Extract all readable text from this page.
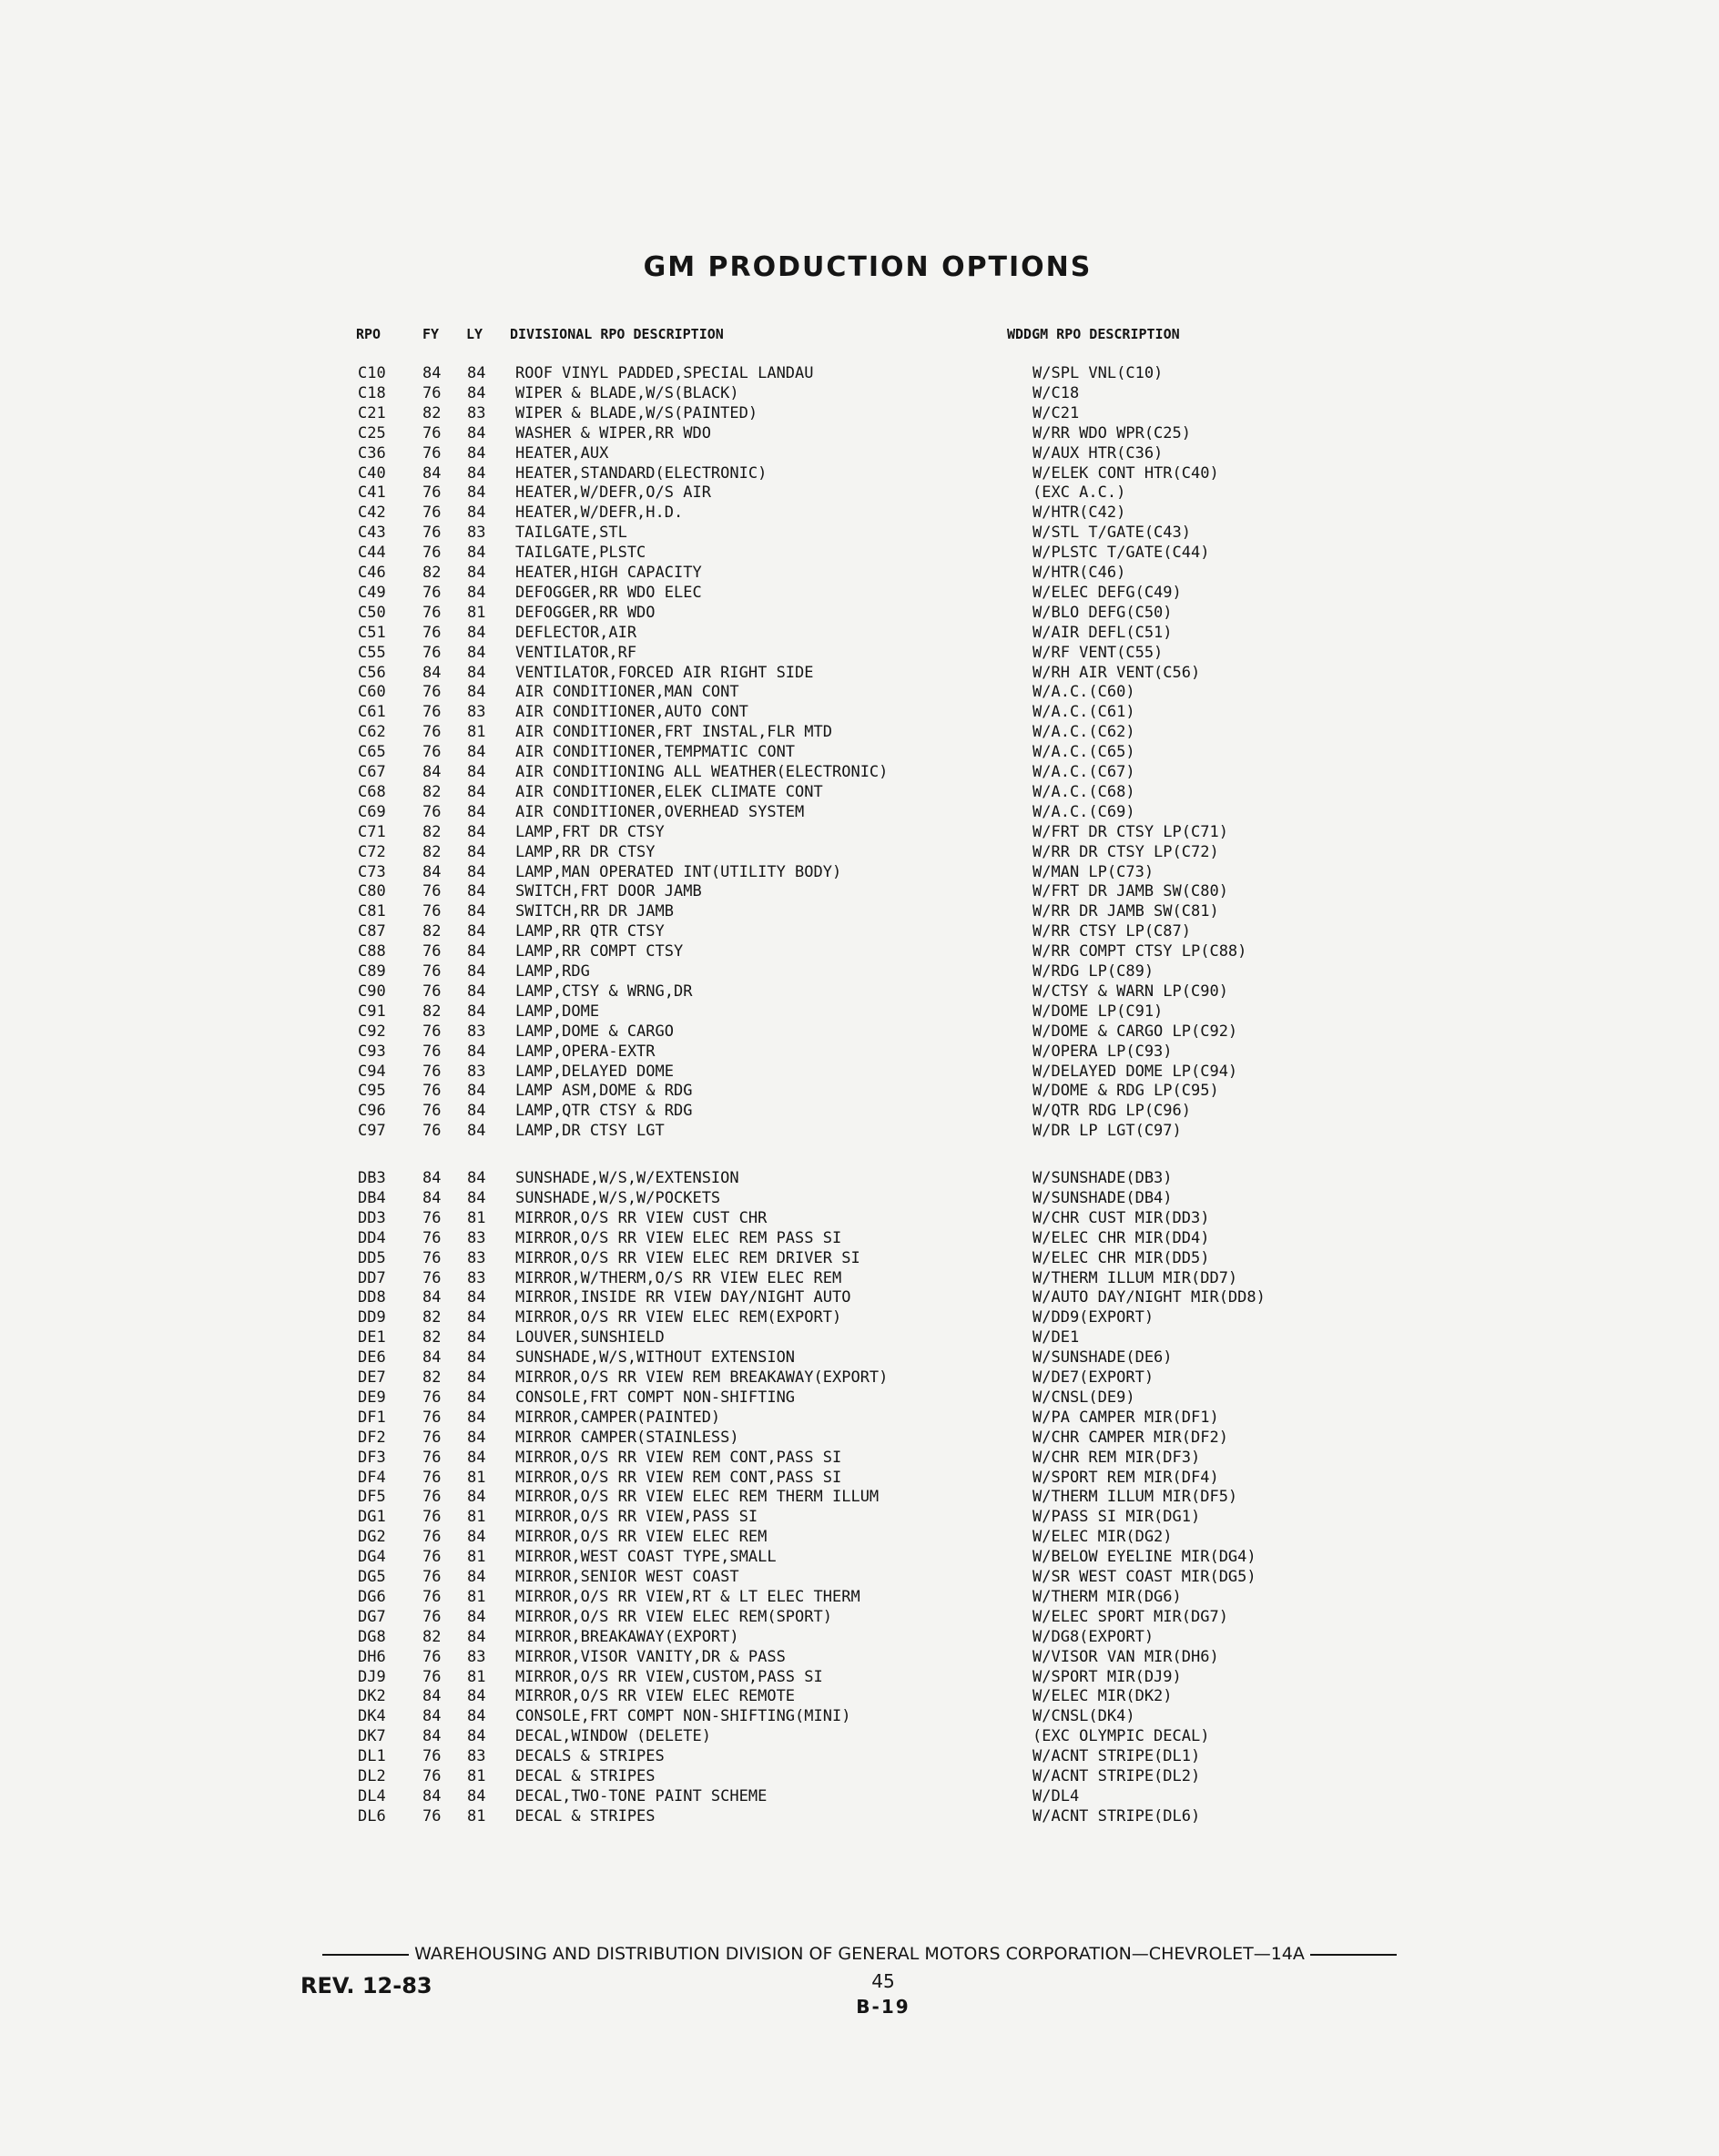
GM PRODUCTION OPTIONS
RPO	FY LY DIVISIONAL RPO DESCRIPTION	WDDGM RPO DESCRIPTION
C10 84 84 ROOF VINYL PADDED,SPECIAL LANDAU	W/SPL VNL(C10)
C18 76 84 WIPER & BLADE,W/S(BLACK)	W/C18
C21 82 83 WIPER & BLADE,W/S(PAINTED)	W/C21
C25 76 84 WASHER & WIPER,RR WDO	W/RR WDO WPR(C25)
C36 76 84 HEATER,AUX	W/AUX HTR(C36)
C40 84 84 HEATER,STANDARD(ELECTRONIC)	W/ELEK CONT HTR(C40)
C41 76 84 HEATER,W/DEFR,O/S AIR	(EXC A.C.)
C42 76 84 HEATER,W/DEFR,H.D.	W/HTR(C42)
C43 76 83 TAILGATE,STL	W/STL T/GATE(C43)
C44 76 84 TAILGATE,PLSTC	W/PLSTC T/GATE(C44)
C46 82 84 HEATER,HIGH CAPACITY	W/HTR(C46)
C49 76 84 DEFOGGER,RR WDO ELEC	W/ELEC DEFG(C49)
C50 76 81 DEFOGGER,RR WDO	W/BLO DEFG(C50)
C51 76 84 DEFLECTOR,AIR	W/AIR DEFL(C51)
C55 76 84 VENTILATOR,RF	W/RF VENT(C55)
C56 84 84 VENTILATOR,FORCED AIR RIGHT SIDE	W/RH AIR VENT(C56)
C60 76 84 AIR CONDITIONER,MAN CONT	W/A.C.(C60)
C61 76 83 AIR CONDITIONER,AUTO CONT	W/A.C.(C61)
C62 76 81 AIR CONDITIONER,FRT INSTAL,FLR MTD	W/A.C.(C62)
C65 76 84 AIR CONDITIONER,TEMPMATIC CONT	W/A.C.(C65)
C67 84 84 AIR CONDITIONING ALL WEATHER(ELECTRONIC)	W/A.C.(C67)
C68 82 84 AIR CONDITIONER,ELEK CLIMATE CONT	W/A.C.(C68)
C69 76 84 AIR CONDITIONER,OVERHEAD SYSTEM	W/A.C.(C69)
C71 82 84 LAMP,FRT DR CTSY	W/FRT DR CTSY LP(C71)
C72 82 84 LAMP,RR DR CTSY	W/RR DR CTSY LP(C72)
C73 84 84 LAMP,MAN OPERATED INT(UTILITY BODY)	W/MAN LP(C73)
C80 76 84 SWITCH,FRT DOOR JAMB	W/FRT DR JAMB SW(C80)
C81 76 84 SWITCH,RR DR JAMB	W/RR DR JAMB SW(C81)
C87 82 84 LAMP,RR QTR CTSY	W/RR CTSY LP(C87)
C88 76 84 LAMP,RR COMPT CTSY	W/RR COMPT CTSY LP(C88)
C89 76 84 LAMP,RDG	W/RDG LP(C89)
C90 76 84 LAMP,CTSY & WRNG,DR	W/CTSY & WARN LP(C90)
C91 82 84 LAMP,DOME	W/DOME LP(C91)
C92 76 83 LAMP,DOME & CARGO	W/DOME & CARGO LP(C92)
C93 76 84 LAMP,OPERA-EXTR	W/OPERA LP(C93)
C94 76 83 LAMP,DELAYED DOME	W/DELAYED DOME LP(C94)
C95 76 84 LAMP ASM,DOME & RDG	W/DOME & RDG LP(C95)
C96 76 84 LAMP,QTR CTSY & RDG	W/QTR RDG LP(C96)
C97 76 84 LAMP,DR CTSY LGT	W/DR LP LGT(C97)
DB3 84 84 SUNSHADE,W/S,W/EXTENSION	W/SUNSHADE(DB3)
DB4 84 84 SUNSHADE,W/S,W/POCKETS	W/SUNSHADE(DB4)
DD3 76 81 MIRROR,O/S RR VIEW CUST CHR	W/CHR CUST MIR(DD3)
DD4 76 83 MIRROR,O/S RR VIEW ELEC REM PASS SI	W/ELEC CHR MIR(DD4)
DD5 76 83 MIRROR,O/S RR VIEW ELEC REM DRIVER SI	W/ELEC CHR MIR(DD5)
DD7 76 83 MIRROR,W/THERM,O/S RR VIEW ELEC REM	W/THERM ILLUM MIR(DD7)
DD8 84 84 MIRROR,INSIDE RR VIEW DAY/NIGHT AUTO	W/AUTO DAY/NIGHT MIR(DD8)
DD9 82 84 MIRROR,O/S RR VIEW ELEC REM(EXPORT)	W/DD9(EXPORT)
DE1 82 84 LOUVER,SUNSHIELD	W/DE1
DE6 84 84 SUNSHADE,W/S,WITHOUT EXTENSION	W/SUNSHADE(DE6)
DE7 82 84 MIRROR,O/S RR VIEW REM BREAKAWAY(EXPORT)	W/DE7(EXPORT)
DE9 76 84 CONSOLE,FRT COMPT NON-SHIFTING	W/CNSL(DE9)
DF1 76 84 MIRROR,CAMPER(PAINTED)	W/PA CAMPER MIR(DF1)
DF2 76 84 MIRROR CAMPER(STAINLESS)	W/CHR CAMPER MIR(DF2)
DF3 76 84 MIRROR,O/S RR VIEW REM CONT,PASS SI	W/CHR REM MIR(DF3)
DF4 76 81 MIRROR,O/S RR VIEW REM CONT,PASS SI	W/SPORT REM MIR(DF4)
DF5 76 84 MIRROR,O/S RR VIEW ELEC REM THERM ILLUM	W/THERM ILLUM MIR(DF5)
DG1 76 81 MIRROR,O/S RR VIEW,PASS SI	W/PASS SI MIR(DG1)
DG2 76 84 MIRROR,O/S RR VIEW ELEC REM	W/ELEC MIR(DG2)
DG4 76 81 MIRROR,WEST COAST TYPE,SMALL	W/BELOW EYELINE MIR(DG4)
DG5 76 84 MIRROR,SENIOR WEST COAST	W/SR WEST COAST MIR(DG5)
DG6 76 81 MIRROR,O/S RR VIEW,RT & LT ELEC THERM	W/THERM MIR(DG6)
DG7 76 84 MIRROR,O/S RR VIEW ELEC REM(SPORT)	W/ELEC SPORT MIR(DG7)
DG8 82 84 MIRROR,BREAKAWAY(EXPORT)	W/DG8(EXPORT)
DH6 76 83 MIRROR,VISOR VANITY,DR & PASS	W/VISOR VAN MIR(DH6)
DJ9 76 81 MIRROR,O/S RR VIEW,CUSTOM,PASS SI	W/SPORT MIR(DJ9)
DK2 84 84 MIRROR,O/S RR VIEW ELEC REMOTE	W/ELEC MIR(DK2)
DK4 84 84 CONSOLE,FRT COMPT NON-SHIFTING(MINI)	W/CNSL(DK4)
DK7 84 84 DECAL,WINDOW (DELETE)	(EXC OLYMPIC DECAL)
DL1 76 83 DECALS & STRIPES	W/ACNT STRIPE(DL1)
DL2 76 81 DECAL & STRIPES	W/ACNT STRIPE(DL2)
DL4 84 84 DECAL,TWO-TONE PAINT SCHEME	W/DL4
DL6 76 81 DECAL & STRIPES	W/ACNT STRIPE(DL6)
WAREHOUSING AND DISTRIBUTION DIVISION OF GENERAL MOTORS CORPORATION—CHEVROLET—14A
REV. 12-83	45
B-19
